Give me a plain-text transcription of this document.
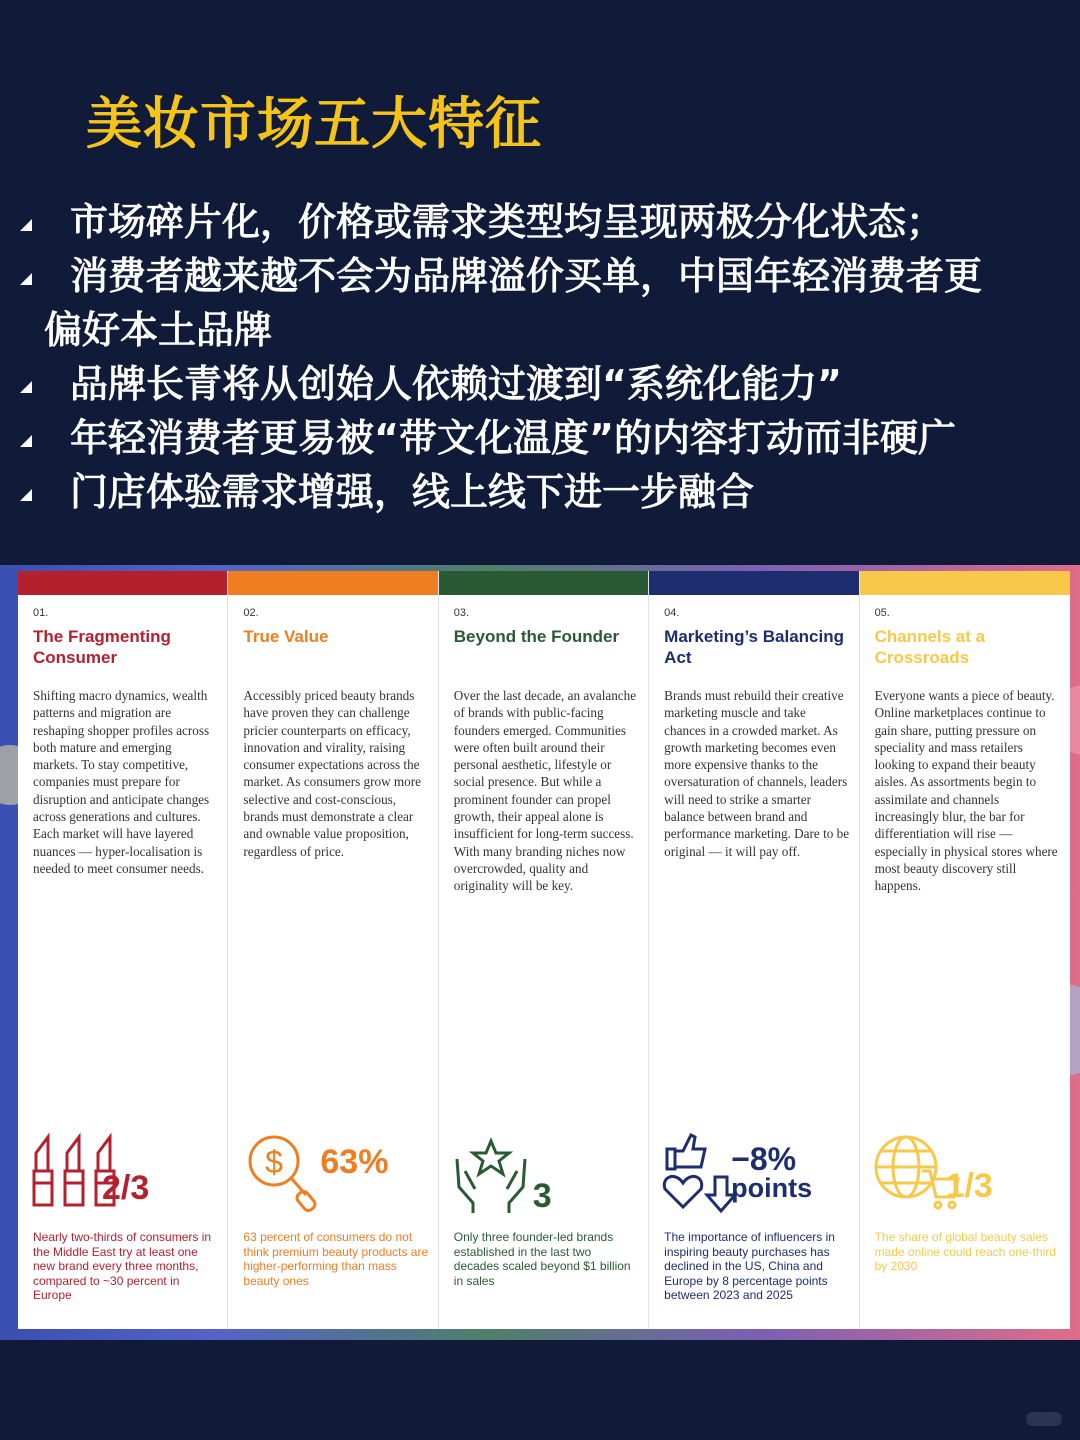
美妆市场五大特征
市场碎片化，价格或需求类型均呈现两极分化状态；
消费者越来越不会为品牌溢价买单，中国年轻消费者更
偏好本土品牌
品牌长青将从创始人依赖过渡到“系统化能力”
年轻消费者更易被“带文化温度”的内容打动而非硬广
门店体验需求增强，线上线下进一步融合
01.
The Fragmenting Consumer
Shifting macro dynamics, wealth patterns and migration are reshaping shopper profiles across both mature and emerging markets. To stay competitive, companies must prepare for disruption and anticipate changes across generations and cultures. Each market will have layered nuances — hyper-localisation is needed to meet consumer needs.
2/3
Nearly two-thirds of consumers in the Middle East try at least one new brand every three months, compared to ~30 percent in Europe
02.
True Value
Accessibly priced beauty brands have proven they can challenge pricier counterparts on efficacy, innovation and virality, raising consumer expectations across the market. As consumers grow more selective and cost-conscious, brands must demonstrate a clear and ownable value proposition, regardless of price.
$ 63%
63 percent of consumers do not think premium beauty products are higher-performing than mass beauty ones
03.
Beyond the Founder
Over the last decade, an avalanche of brands with public-facing founders emerged. Communities were often built around their personal aesthetic, lifestyle or social presence. But while a prominent founder can propel growth, their appeal alone is insufficient for long-term success. With many branding niches now overcrowded, quality and originality will be key.
3
Only three founder-led brands established in the last two decades scaled beyond $1 billion in sales
04.
Marketing’s Balancing Act
Brands must rebuild their creative marketing muscle and take chances in a crowded market. As growth marketing becomes even more expensive thanks to the oversaturation of channels, leaders will need to strike a smarter balance between brand and performance marketing. Dare to be original — it will pay off.
−8%
points
The importance of influencers in inspiring beauty purchases has declined in the US, China and Europe by 8 percentage points between 2023 and 2025
05.
Channels at a Crossroads
Everyone wants a piece of beauty. Online marketplaces continue to gain share, putting pressure on speciality and mass retailers looking to expand their beauty aisles. As assortments begin to assimilate and channels increasingly blur, the bar for differentiation will rise — especially in physical stores where most beauty discovery still happens.
1/3
The share of global beauty sales made online could reach one-third by 2030
